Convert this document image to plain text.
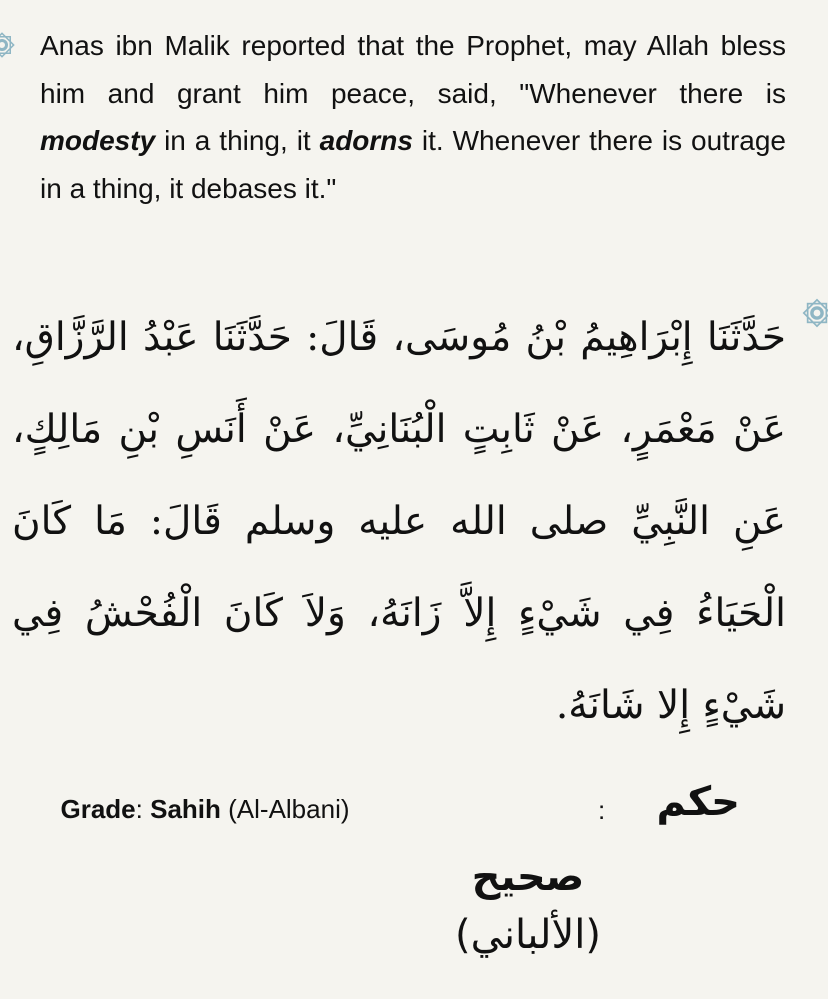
Anas ibn Malik reported that the Prophet, may Allah bless him and grant him peace, said, "Whenever there is modesty in a thing, it adorns it. Whenever there is outrage in a thing, it debases it."
حَدَّثَنَا إِبْرَاهِيمُ بْنُ مُوسَى، قَالَ: حَدَّثَنَا عَبْدُ الرَّزَّاقِ، عَنْ مَعْمَرٍ، عَنْ ثَابِتٍ الْبُنَانِيِّ، عَنْ أَنَسِ بْنِ مَالِكٍ، عَنِ النَّبِيِّ صلى الله عليه وسلم قَالَ: مَا كَانَ الْحَيَاءُ فِي شَيْءٍ إِلاَّ زَانَهُ، وَلاَ كَانَ الْفُحْشُ فِي شَيْءٍ إِلا شَانَهُ.
Grade: Sahih (Al-Albani)	حكم
:
صحيح
(الألباني)
